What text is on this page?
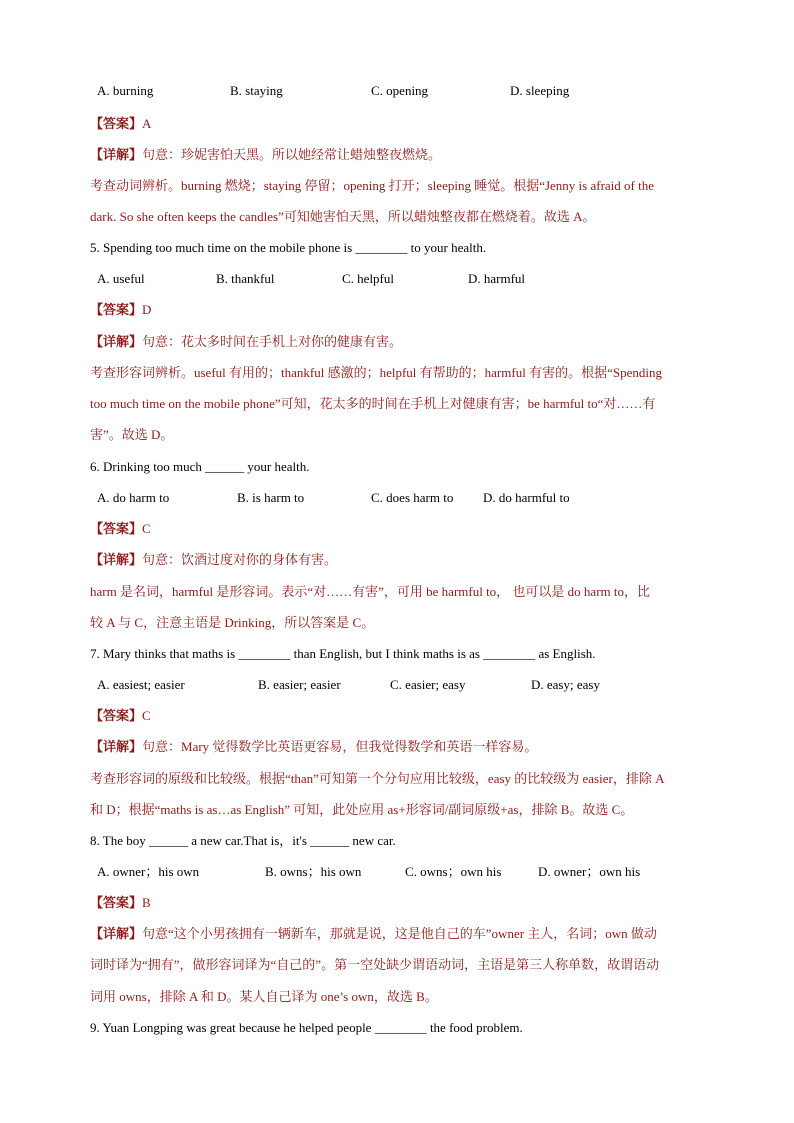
A. burning	B. staying	C. opening	D. sleeping
【答案】A
【详解】句意：珍妮害怕天黑。所以她经常让蜡烛整夜燃烧。
考查动词辨析。burning 燃烧；staying 停留；opening 打开；sleeping 睡觉。根据“Jenny is afraid of the
dark. So she often keeps the candles”可知她害怕天黑，所以蜡烛整夜都在燃烧着。故选 A。
5. Spending too much time on the mobile phone is ________ to your health.
A. useful	B. thankful	C. helpful	D. harmful
【答案】D
【详解】句意：花太多时间在手机上对你的健康有害。
考查形容词辨析。useful 有用的；thankful 感激的；helpful 有帮助的；harmful 有害的。根据“Spending
too much time on the mobile phone”可知，花太多的时间在手机上对健康有害；be harmful to“对……有
害”。故选 D。
6. Drinking too much ______ your health.
A. do harm to	B. is harm to	C. does harm to D. do harmful to
【答案】C
【详解】句意：饮酒过度对你的身体有害。
harm 是名词，harmful 是形容词。表示“对……有害”，可用 be harmful to， 也可以是 do harm to，比
较 A 与 C，注意主语是 Drinking，所以答案是 C。
7. Mary thinks that maths is ________ than English, but I think maths is as ________ as English.
A. easiest; easier	B. easier; easier	C. easier; easy	D. easy; easy
【答案】C
【详解】句意：Mary 觉得数学比英语更容易，但我觉得数学和英语一样容易。
考查形容词的原级和比较级。根据“than”可知第一个分句应用比较级，easy 的比较级为 easier，排除 A
和 D；根据“maths is as…as English” 可知，此处应用 as+形容词/副词原级+as，排除 B。故选 C。
8. The boy ______ a new car.That is，it's ______ new car.
A. owner；his own	B. owns；his own	C. owns；own his	D. owner；own his
【答案】B
【详解】句意“这个小男孩拥有一辆新车，那就是说，这是他自己的车”owner 主人，名词；own 做动
词时译为“拥有”，做形容词译为“自己的”。第一空处缺少谓语动词，主语是第三人称单数，故谓语动
词用 owns，排除 A 和 D。某人自己译为 one’s own，故选 B。
9. Yuan Longping was great because he helped people ________ the food problem.
